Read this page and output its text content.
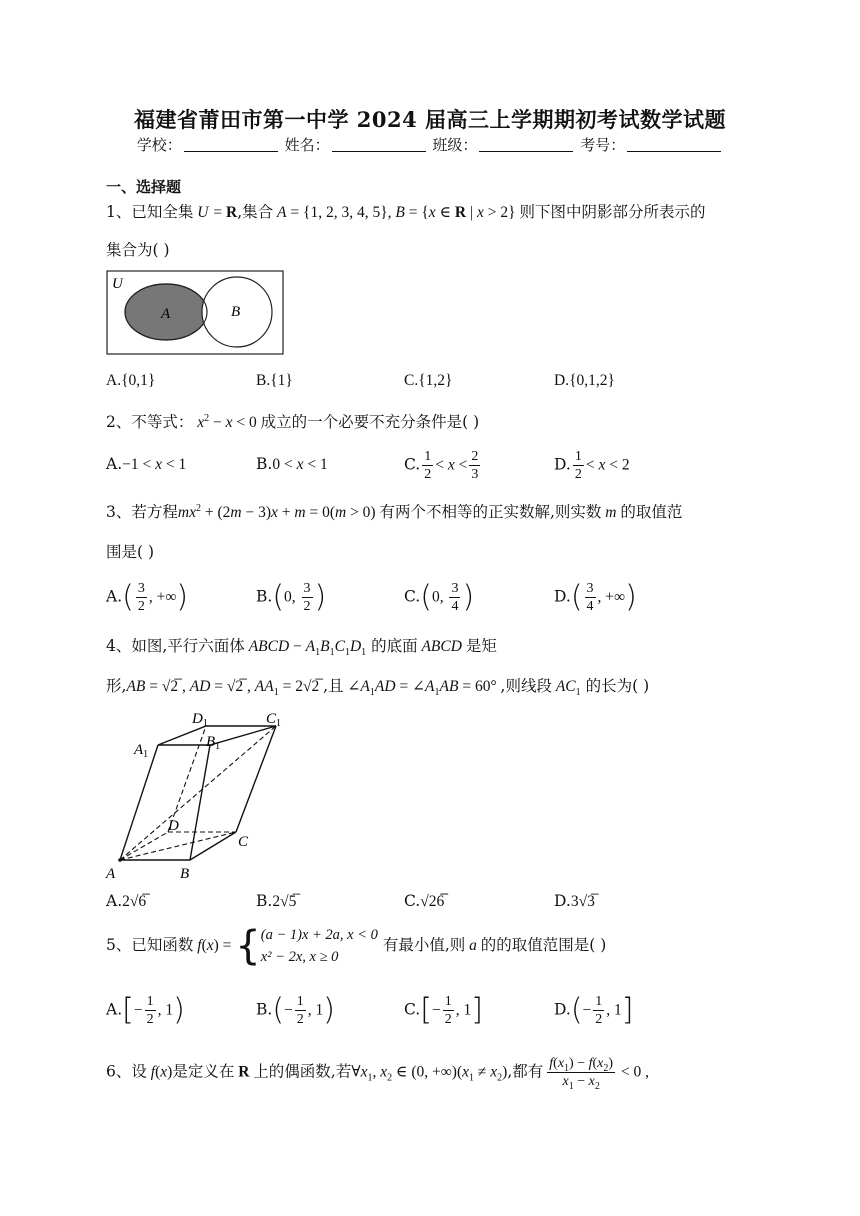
福建省莆田市第一中学 2024 届高三上学期期初考试数学试题
学校：	姓名：	班级：	考号：
一、选择题
1、已知全集 U = R,集合 A = {1, 2, 3, 4, 5}, B = {x ∈ R | x > 2} 则下图中阴影部分所表示的
集合为( )
U
A	B
A.{0,1}	B.{1}	C.{1,2}	D.{0,1,2}
2、不等式： $x^2 - x < 0$ 成立的一个必要不充分条件是( )
A.−1 < x < 1	B.0 < x < 1	C. $\frac{1}{2} < x < \frac{2}{3}$	D. $\frac{1}{2} < x < 2$
3、若方程$mx^2 + (2m - 3)x + m = 0(m > 0)$ 有两个不相等的正实数解,则实数 m 的取值范
围是( )
$A.( \frac{3}{2}$ , +∞)	B.(0, $\frac{3}{2}$ )	C.(0, $\frac{3}{4}$ )	$D.( \frac{3}{4}$ , +∞)
4、如图,平行六面体 ABCD − $A_1B_1C_1D_1$ 的底面 ABCD 是矩
形,AB = √2̅ , AD = √2̅ , $AA_1$ = 2√2̅ ,且 $\angle A_1AD$ = $\angle A_1AB = 60^\circ$ ,则线段 $AC_1$ 的长为( )
$A_1$
$B_1$
$C_1$
$D_1$
A	B
C
D
A.2√6̅	B.2√5̅	C.√26̅̅	D.3√3̅
5、已知函数 f(x) = { (a − 1)x + 2a, x < 0
x² − 2x, x ≥ 0
有最小值,则 a 的的取值范围是( )
$A.[- \frac{1}{2}$ , 1)	$B.(- \frac{1}{2}$ , 1)	$C.[- \frac{1}{2}$ , 1]	$D.(- \frac{1}{2}$ , 1]
6、设 f(x)是定义在 R 上的偶函数,若$\forall x_1$, $x_2$ ∈ (0, $+\infty)(x_1 \ne x_2)$,都有 $\frac{f(x_1) - f(x_2)}{x_1 - x_2} < 0$ ,
